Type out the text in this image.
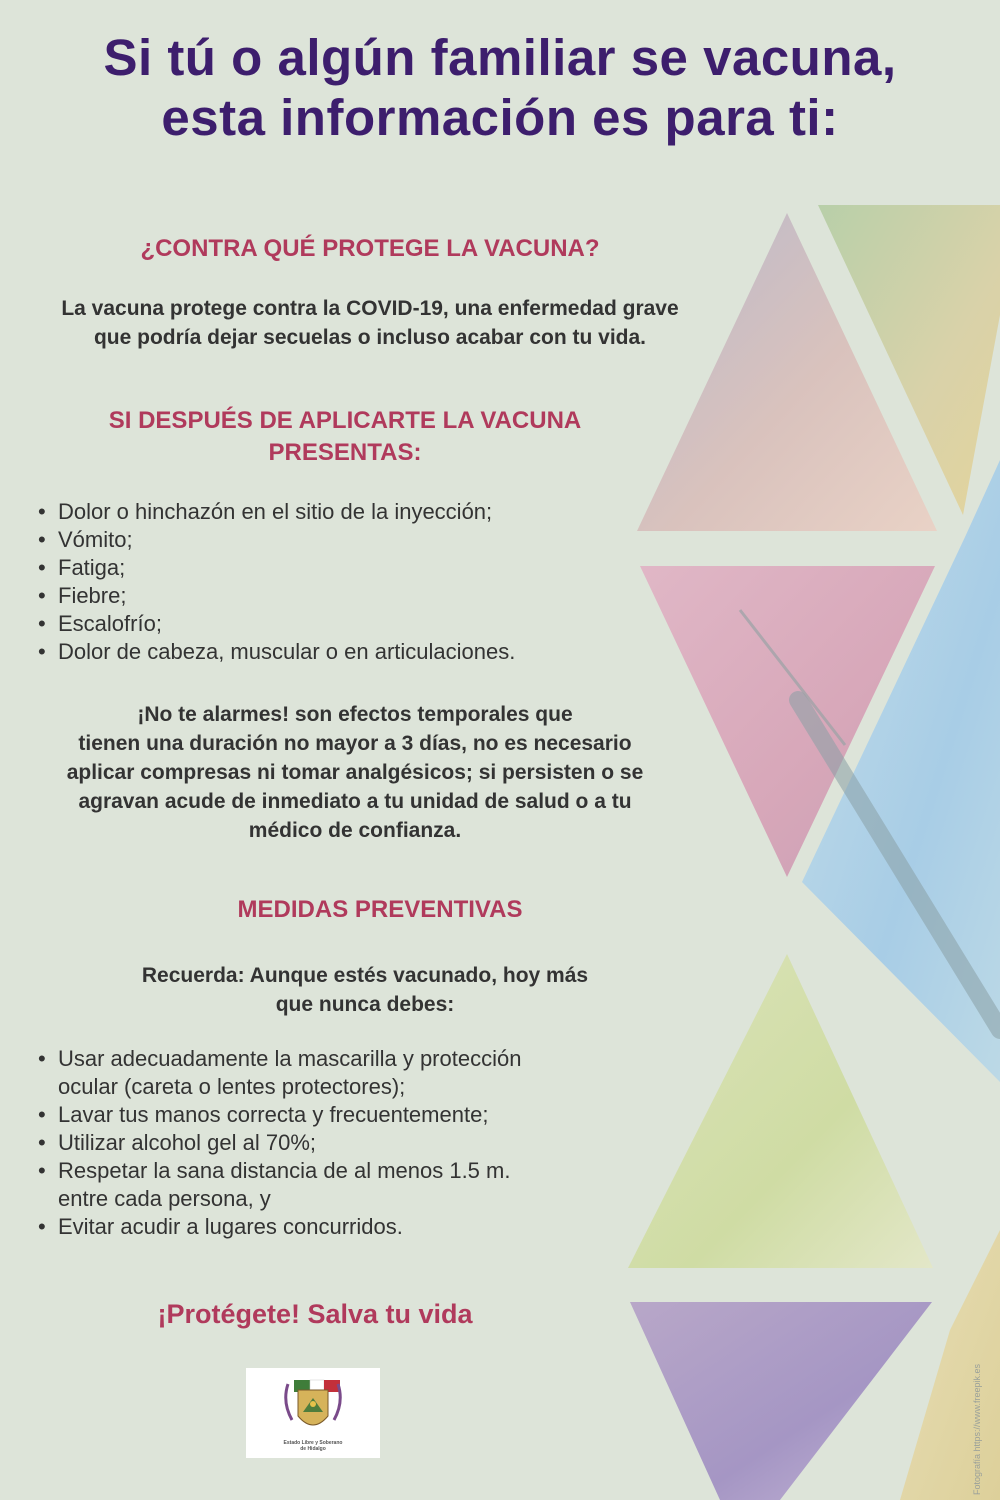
Si tú o algún familiar se vacuna,
esta información es para ti:
¿CONTRA QUÉ PROTEGE LA VACUNA?
La vacuna protege contra la COVID-19, una enfermedad grave
que podría dejar secuelas o incluso acabar con tu vida.
SI DESPUÉS DE APLICARTE LA VACUNA
PRESENTAS:
• Dolor o hinchazón en el sitio de la inyección;
• Vómito;
• Fatiga;
• Fiebre;
• Escalofrío;
• Dolor de cabeza, muscular o en articulaciones.
¡No te alarmes! son efectos temporales que
tienen una duración no mayor a 3 días, no es necesario
aplicar compresas ni tomar analgésicos; si persisten o se
agravan acude de inmediato a tu unidad de salud o a tu
médico de confianza.
MEDIDAS PREVENTIVAS
Recuerda: Aunque estés vacunado, hoy más
que nunca debes:
• Usar adecuadamente la mascarilla y protección
ocular (careta o lentes protectores);
• Lavar tus manos correcta y frecuentemente;
• Utilizar alcohol gel al 70%;
• Respetar la sana distancia de al menos 1.5 m.
entre cada persona, y
• Evitar acudir a lugares concurridos.
¡Protégete! Salva tu vida
Estado Libre y Soberano
de Hidalgo	Fotografía https://www.freepik.es
